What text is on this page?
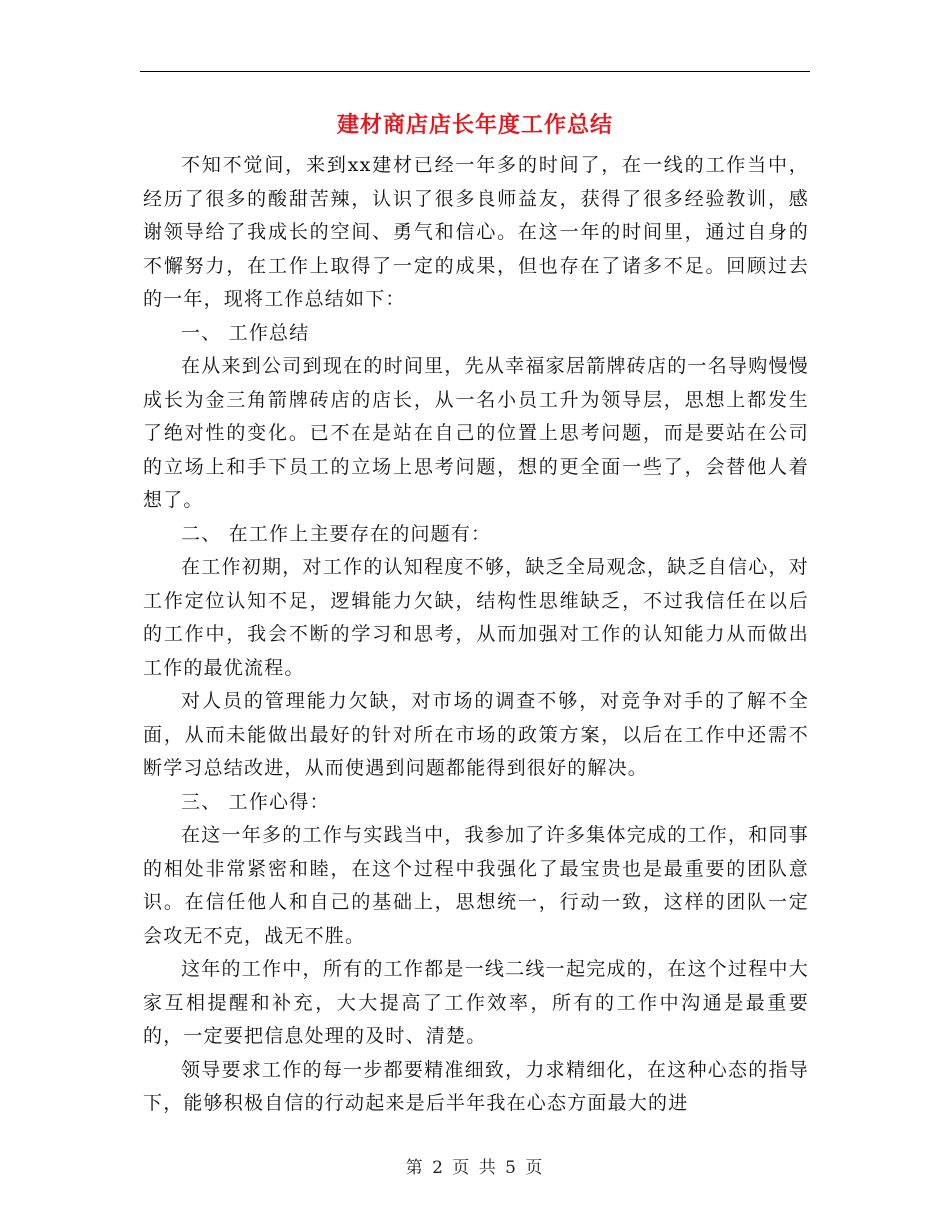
建材商店店长年度工作总结

不知不觉间，来到xx建材已经一年多的时间了，在一线的工作当中，经历了很多的酸甜苦辣，认识了很多良师益友，获得了很多经验教训，感谢领导给了我成长的空间、勇气和信心。在这一年的时间里，通过自身的不懈努力，在工作上取得了一定的成果，但也存在了诸多不足。回顾过去的一年，现将工作总结如下：

一、 工作总结

在从来到公司到现在的时间里，先从幸福家居箭牌砖店的一名导购慢慢成长为金三角箭牌砖店的店长，从一名小员工升为领导层，思想上都发生了绝对性的变化。已不在是站在自己的位置上思考问题，而是要站在公司的立场上和手下员工的立场上思考问题，想的更全面一些了，会替他人着想了。

二、 在工作上主要存在的问题有：

在工作初期，对工作的认知程度不够，缺乏全局观念，缺乏自信心，对工作定位认知不足，逻辑能力欠缺，结构性思维缺乏，不过我信任在以后的工作中，我会不断的学习和思考，从而加强对工作的认知能力从而做出工作的最优流程。

对人员的管理能力欠缺，对市场的调查不够，对竞争对手的了解不全面，从而未能做出最好的针对所在市场的政策方案，以后在工作中还需不断学习总结改进，从而使遇到问题都能得到很好的解决。

三、 工作心得：

在这一年多的工作与实践当中，我参加了许多集体完成的工作，和同事的相处非常紧密和睦，在这个过程中我强化了最宝贵也是最重要的团队意识。在信任他人和自己的基础上，思想统一，行动一致，这样的团队一定会攻无不克，战无不胜。

这年的工作中，所有的工作都是一线二线一起完成的，在这个过程中大家互相提醒和补充，大大提高了工作效率，所有的工作中沟通是最重要的，一定要把信息处理的及时、清楚。

领导要求工作的每一步都要精准细致，力求精细化，在这种心态的指导下，能够积极自信的行动起来是后半年我在心态方面最大的进

第 2 页 共 5 页
